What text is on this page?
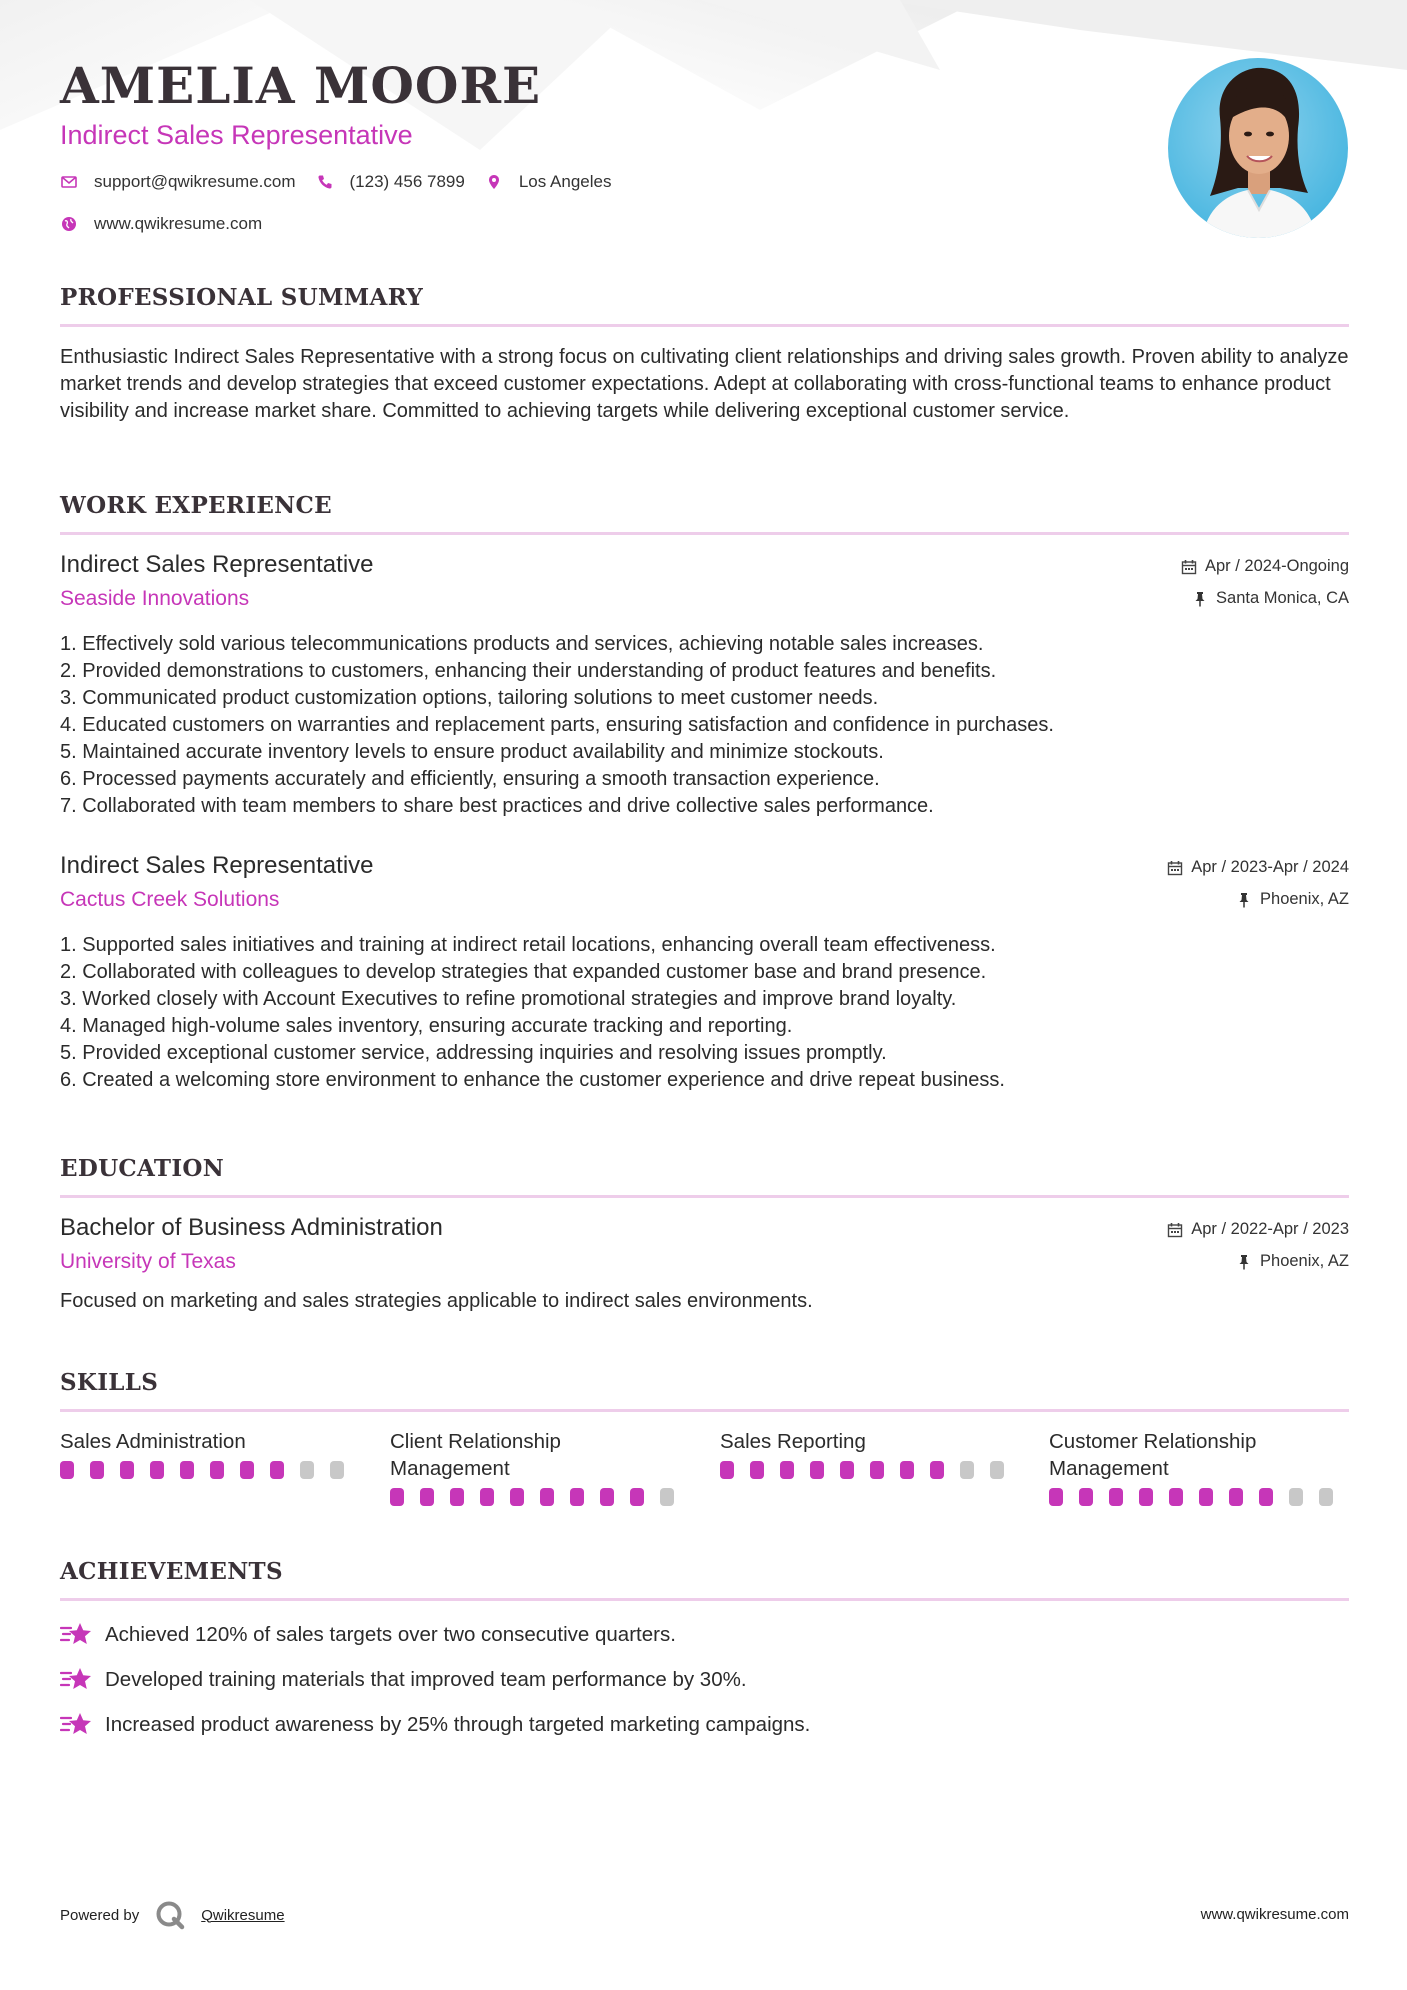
AMELIA MOORE
Indirect Sales Representative
support@qwikresume.com	(123) 456 7899	Los Angeles
www.qwikresume.com
PROFESSIONAL SUMMARY
Enthusiastic Indirect Sales Representative with a strong focus on cultivating client relationships and driving sales growth. Proven ability to analyze market trends and develop strategies that exceed customer expectations. Adept at collaborating with cross-functional teams to enhance product visibility and increase market share. Committed to achieving targets while delivering exceptional customer service.
WORK EXPERIENCE
Indirect Sales Representative
Seaside Innovations
Apr / 2024-Ongoing
Santa Monica, CA
1. Effectively sold various telecommunications products and services, achieving notable sales increases.
2. Provided demonstrations to customers, enhancing their understanding of product features and benefits.
3. Communicated product customization options, tailoring solutions to meet customer needs.
4. Educated customers on warranties and replacement parts, ensuring satisfaction and confidence in purchases.
5. Maintained accurate inventory levels to ensure product availability and minimize stockouts.
6. Processed payments accurately and efficiently, ensuring a smooth transaction experience.
7. Collaborated with team members to share best practices and drive collective sales performance.
Indirect Sales Representative
Cactus Creek Solutions
Apr / 2023-Apr / 2024
Phoenix, AZ
1. Supported sales initiatives and training at indirect retail locations, enhancing overall team effectiveness.
2. Collaborated with colleagues to develop strategies that expanded customer base and brand presence.
3. Worked closely with Account Executives to refine promotional strategies and improve brand loyalty.
4. Managed high-volume sales inventory, ensuring accurate tracking and reporting.
5. Provided exceptional customer service, addressing inquiries and resolving issues promptly.
6. Created a welcoming store environment to enhance the customer experience and drive repeat business.
EDUCATION
Bachelor of Business Administration
University of Texas
Apr / 2022-Apr / 2023
Phoenix, AZ
Focused on marketing and sales strategies applicable to indirect sales environments.
SKILLS
Sales Administration	Client Relationship Management
Sales Reporting	Customer Relationship Management
ACHIEVEMENTS
Achieved 120% of sales targets over two consecutive quarters.
Developed training materials that improved team performance by 30%.
Increased product awareness by 25% through targeted marketing campaigns.
Powered by	Qwikresume	www.qwikresume.com
